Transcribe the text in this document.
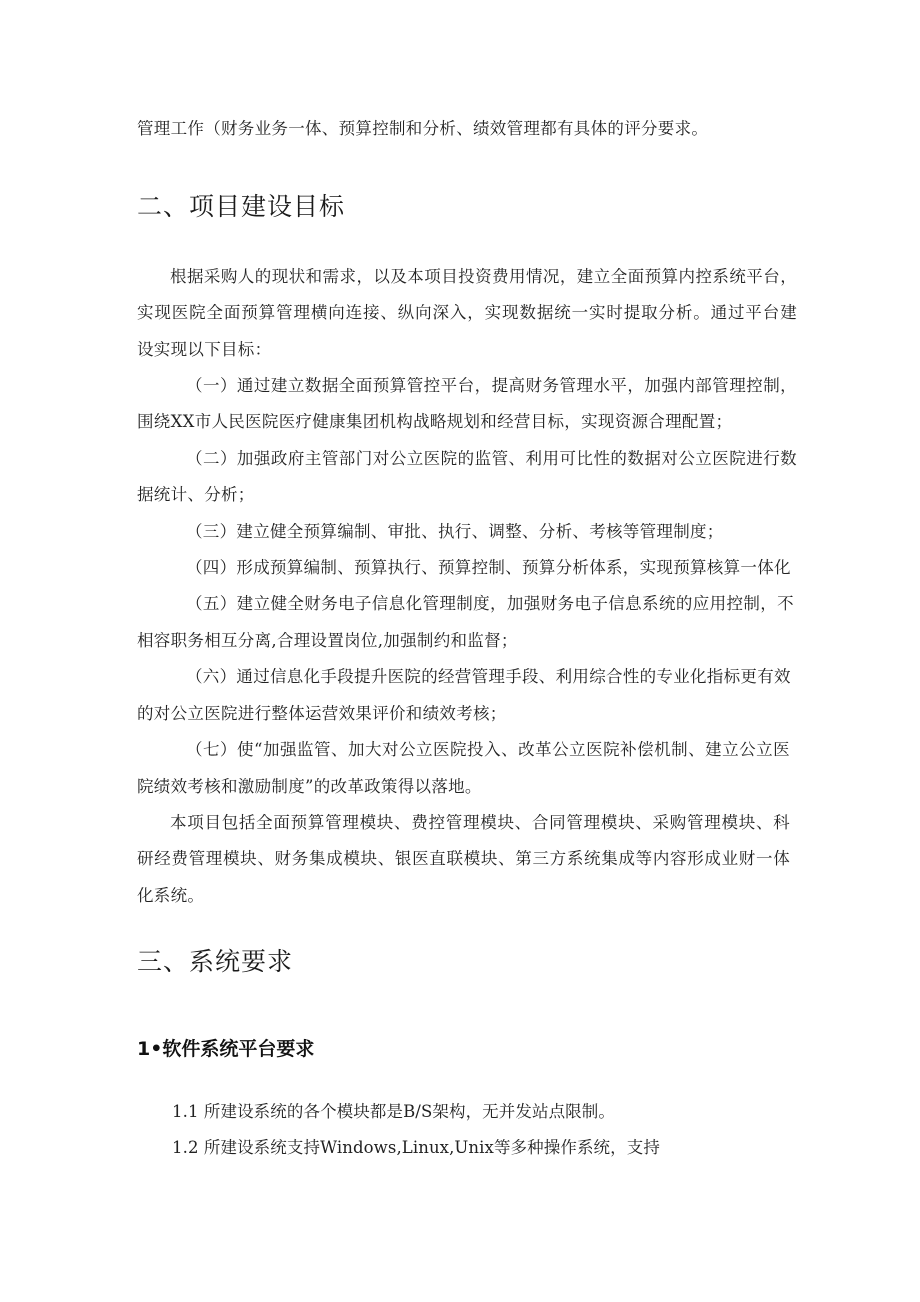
管理工作（财务业务一体、预算控制和分析、绩效管理都有具体的评分要求。
二、项目建设目标
根据采购人的现状和需求，以及本项目投资费用情况，建立全面预算内控系统平台，
实现医院全面预算管理横向连接、纵向深入，实现数据统一实时提取分析。通过平台建
设实现以下目标：
（一）通过建立数据全面预算管控平台，提高财务管理水平，加强内部管理控制，
围绕XX市人民医院医疗健康集团机构战略规划和经营目标，实现资源合理配置；
（二）加强政府主管部门对公立医院的监管、利用可比性的数据对公立医院进行数
据统计、分析；
（三）建立健全预算编制、审批、执行、调整、分析、考核等管理制度；
（四）形成预算编制、预算执行、预算控制、预算分析体系，实现预算核算一体化
（五）建立健全财务电子信息化管理制度，加强财务电子信息系统的应用控制，不
相容职务相互分离,合理设置岗位,加强制约和监督；
（六）通过信息化手段提升医院的经营管理手段、利用综合性的专业化指标更有效
的对公立医院进行整体运营效果评价和绩效考核；
（七）使“加强监管、加大对公立医院投入、改革公立医院补偿机制、建立公立医
院绩效考核和激励制度”的改革政策得以落地。
本项目包括全面预算管理模块、费控管理模块、合同管理模块、采购管理模块、科
研经费管理模块、财务集成模块、银医直联模块、第三方系统集成等内容形成业财一体
化系统。
三、系统要求
1•软件系统平台要求
1.1 所建设系统的各个模块都是B/S架构，无并发站点限制。
1.2 所建设系统支持Windows,Linux,Unix等多种操作系统，支持
